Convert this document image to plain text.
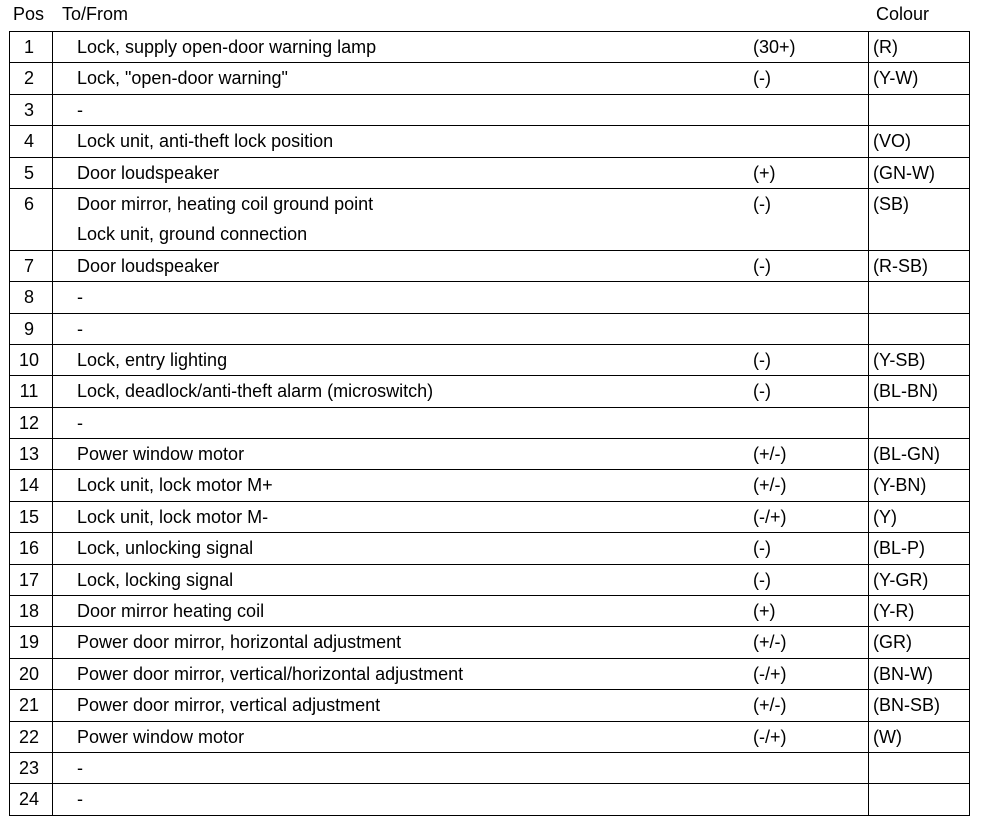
Pos To/From	Colour
1	Lock, supply open-door warning lamp (30+)	(R)

2	Lock, "open-door warning" (-)	(Y-W)

3	-	

4	Lock unit, anti-theft lock position	(VO)

5	Door loudspeaker (+)	(GN-W)

6	Door mirror, heating coil ground point (-)
Lock unit, ground connection	(SB)

7	Door loudspeaker (-)	(R-SB)

8	-	

9	-	

10	Lock, entry lighting (-)	(Y-SB)

11	Lock, deadlock/anti-theft alarm (microswitch) (-)	(BL-BN)

12	-	

13	Power window motor (+/-)	(BL-GN)

14	Lock unit, lock motor M+ (+/-)	(Y-BN)

15	Lock unit, lock motor M- (-/+)	(Y)

16	Lock, unlocking signal (-)	(BL-P)

17	Lock, locking signal (-)	(Y-GR)

18	Door mirror heating coil (+)	(Y-R)

19	Power door mirror, horizontal adjustment (+/-)	(GR)

20	Power door mirror, vertical/horizontal adjustment (-/+)	(BN-W)

21	Power door mirror, vertical adjustment (+/-)	(BN-SB)

22	Power window motor (-/+)	(W)

23	-	

24	-	
